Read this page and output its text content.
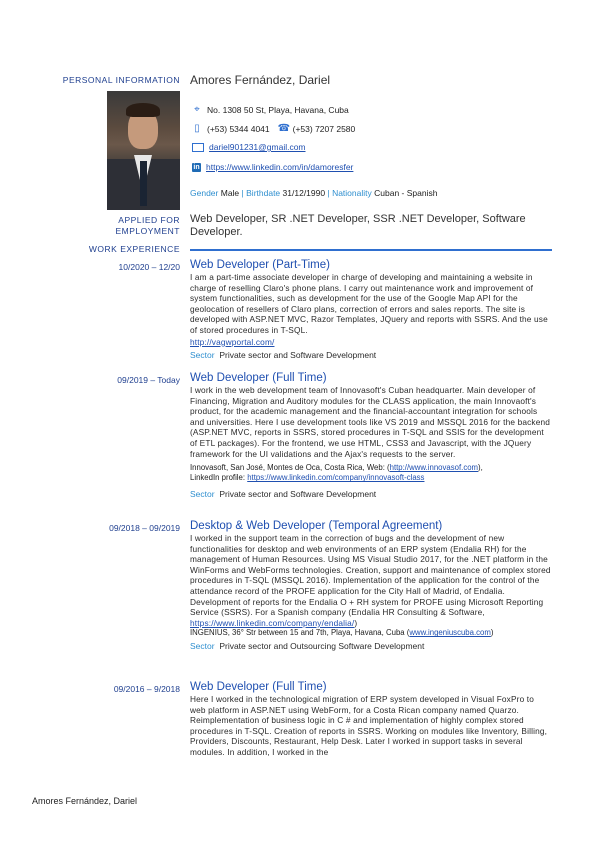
PERSONAL INFORMATION Amores Fernández, Dariel
⌖ No. 1308 50 St, Playa, Havana, Cuba
▯ (+53) 5344 4041 ☎ (+53) 7207 2580
dariel901231@gmail.com
in https://www.linkedin.com/in/damoresfer
Gender Male | Birthdate 31/12/1990 | Nationality Cuban - Spanish
APPLIED FOR
EMPLOYMENT
Web Developer, SR .NET Developer, SSR .NET Developer, Software Developer.
WORK EXPERIENCE
10/2020 – 12/20 Web Developer (Part-Time)
I am a part-time associate developer in charge of developing and maintaining a website in charge of reselling Claro's phone plans. I carry out maintenance work and improvement of system functionalities, such as development for the use of the Google Map API for the geolocation of resellers of Claro plans, correction of errors and sales reports. The site is developed with ASP.NET MVC, Razor Templates, JQuery and reports with SSRS. And the use of stored procedures in T-SQL.
http://vagwportal.com/
Sector Private sector and Software Development
09/2019 – Today Web Developer (Full Time)
I work in the web development team of Innovasoft's Cuban headquarter. Main developer of Financing, Migration and Auditory modules for the CLASS application, the main Innovaoft's product, for the academic management and the financial-accountant integration for schools and universities. Here I use development tools like VS 2019 and MSSQL 2016 for the backend (ASP.NET MVC, reports in SSRS, stored procedures in T-SQL and SSIS for the development of ETL packages). For the frontend, we use HTML, CSS3 and Javascript, with the JQuery framework for the UI validations and the Ajax's requests to the server.
Innovasoft, San José, Montes de Oca, Costa Rica, Web: (http://www.innovasof.com),
LinkedIn profile: https://www.linkedin.com/company/innovasoft-class
Sector Private sector and Software Development
09/2018 – 09/2019 Desktop & Web Developer (Temporal Agreement)
I worked in the support team in the correction of bugs and the development of new functionalities for desktop and web environments of an ERP system (Endalia RH) for the management of Human Resources. Using MS Visual Studio 2017, for the .NET platform in the WinForms and WebForms technologies. Creation, support and maintenance of complex stored procedures in T-SQL (MSSQL 2016). Implementation of the application for the control of the attendance record of the PROFE application for the City Hall of Madrid, of Endalia. Development of reports for the Endalia O + RH system for PROFE using Microsoft Reporting Service (SSRS). For a Spanish company (Endalia HR Consulting & Software, https://www.linkedin.com/company/endalia/)
INGENIUS, 36° Str between 15 and 7th, Playa, Havana, Cuba (www.ingeniuscuba.com)
Sector Private sector and Outsourcing Software Development
09/2016 – 9/2018 Web Developer (Full Time)
Here I worked in the technological migration of ERP system developed in Visual FoxPro to web platform in ASP.NET using WebForm, for a Costa Rican company named Quarzo. Reimplementation of business logic in C # and implementation of highly complex stored procedures in T-SQL. Creation of reports in SSRS. Working on modules like Inventory, Billing, Providers, Discounts, Restaurant, Help Desk. Later I worked in support tasks in several modules. In addition, I worked in the
Amores Fernández, Dariel
